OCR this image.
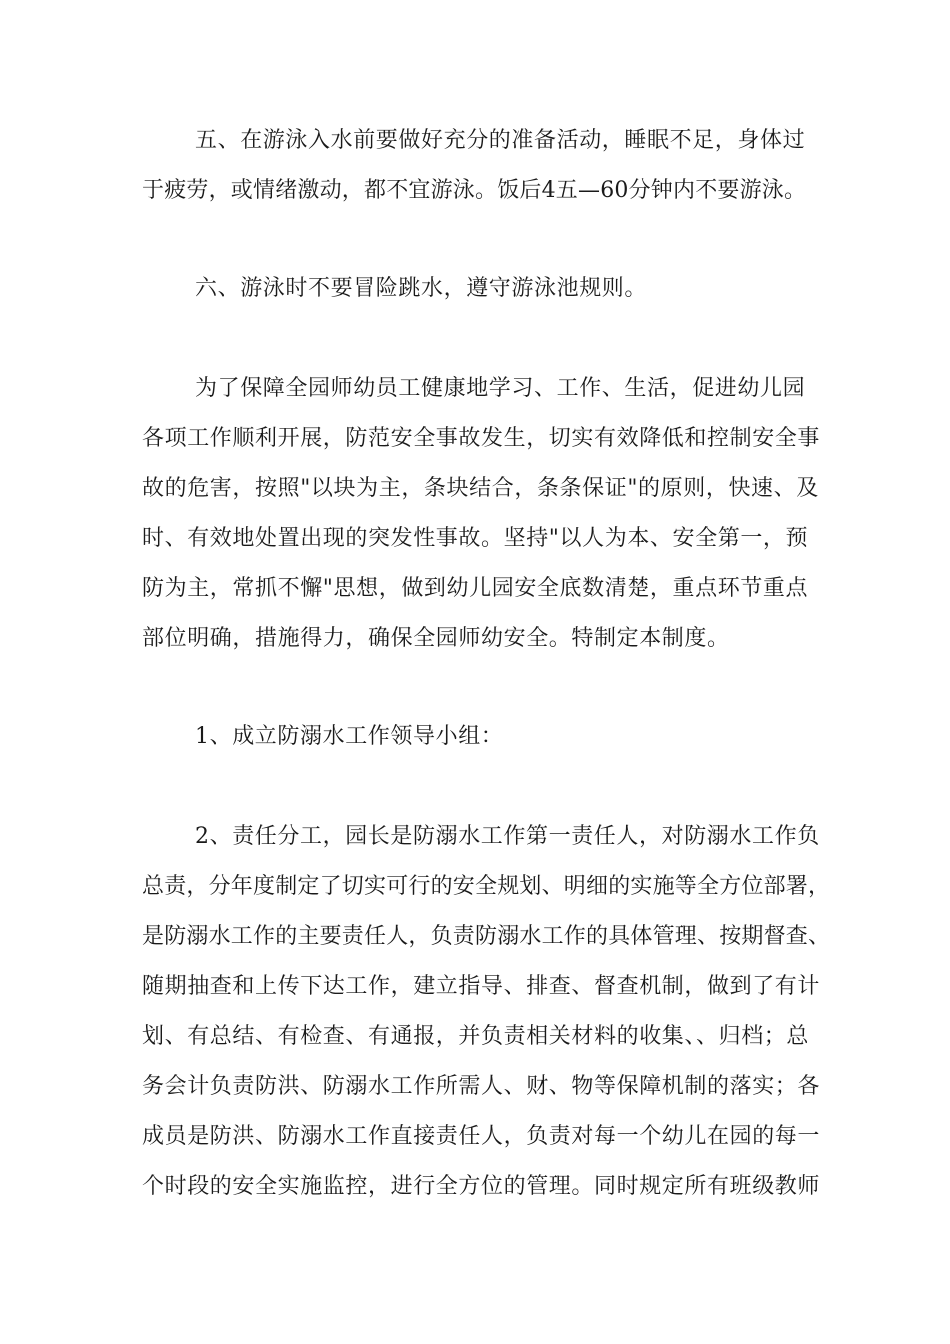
五、在游泳入水前要做好充分的准备活动，睡眠不足，身体过
于疲劳，或情绪激动，都不宜游泳。饭后4五—60分钟内不要游泳。
六、游泳时不要冒险跳水，遵守游泳池规则。
为了保障全园师幼员工健康地学习、工作、生活，促进幼儿园
各项工作顺利开展，防范安全事故发生，切实有效降低和控制安全事
故的危害，按照"以块为主，条块结合，条条保证"的原则，快速、及
时、有效地处置出现的突发性事故。坚持"以人为本、安全第一，预
防为主，常抓不懈"思想，做到幼儿园安全底数清楚，重点环节重点
部位明确，措施得力，确保全园师幼安全。特制定本制度。
1、成立防溺水工作领导小组：
2、责任分工，园长是防溺水工作第一责任人，对防溺水工作负
总责，分年度制定了切实可行的安全规划、明细的实施等全方位部署，
是防溺水工作的主要责任人，负责防溺水工作的具体管理、按期督查、
随期抽查和上传下达工作，建立指导、排查、督查机制，做到了有计
划、有总结、有检查、有通报，并负责相关材料的收集、、归档；总
务会计负责防洪、防溺水工作所需人、财、物等保障机制的落实；各
成员是防洪、防溺水工作直接责任人，负责对每一个幼儿在园的每一
个时段的安全实施监控，进行全方位的管理。同时规定所有班级教师
